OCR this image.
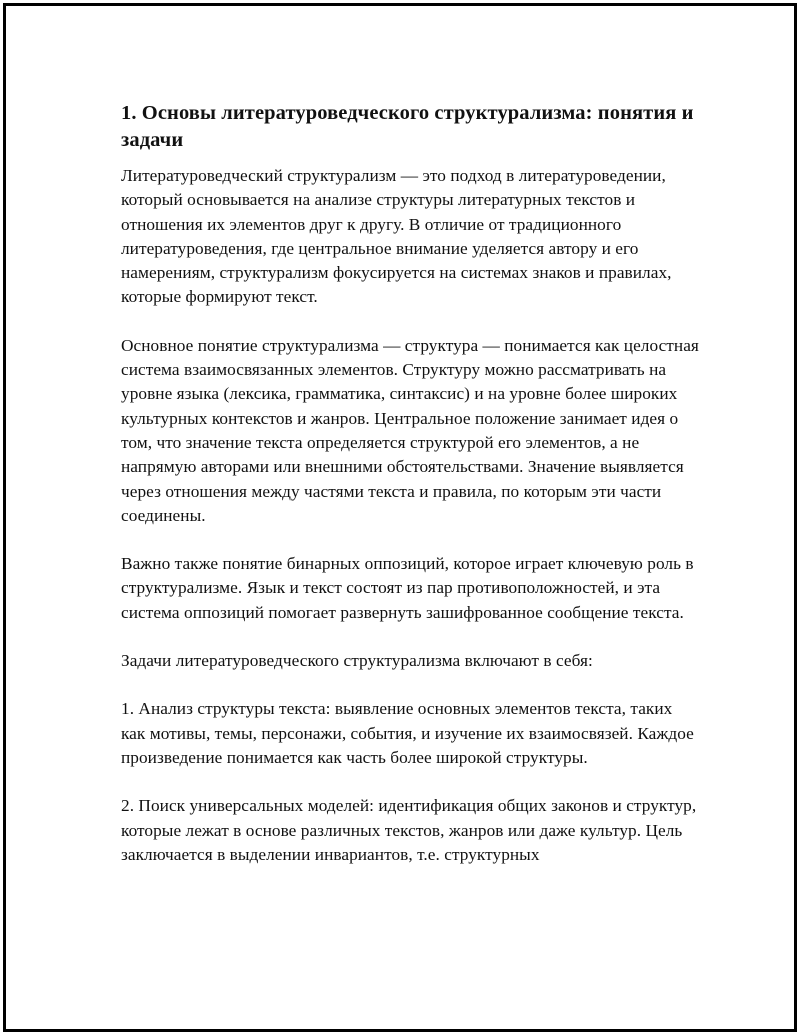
1. Основы литературоведческого структурализма: понятия и задачи

Литературоведческий структурализм — это подход в литературоведении, который основывается на анализе структуры литературных текстов и отношения их элементов друг к другу. В отличие от традиционного литературоведения, где центральное внимание уделяется автору и его намерениям, структурализм фокусируется на системах знаков и правилах, которые формируют текст.

Основное понятие структурализма — структура — понимается как целостная система взаимосвязанных элементов. Структуру можно рассматривать на уровне языка (лексика, грамматика, синтаксис) и на уровне более широких культурных контекстов и жанров. Центральное положение занимает идея о том, что значение текста определяется структурой его элементов, а не напрямую авторами или внешними обстоятельствами. Значение выявляется через отношения между частями текста и правила, по которым эти части соединены.

Важно также понятие бинарных оппозиций, которое играет ключевую роль в структурализме. Язык и текст состоят из пар противоположностей, и эта система оппозиций помогает развернуть зашифрованное сообщение текста.

Задачи литературоведческого структурализма включают в себя:

1. Анализ структуры текста: выявление основных элементов текста, таких как мотивы, темы, персонажи, события, и изучение их взаимосвязей. Каждое произведение понимается как часть более широкой структуры.

2. Поиск универсальных моделей: идентификация общих законов и структур, которые лежат в основе различных текстов, жанров или даже культур. Цель заключается в выделении инвариантов, т.е. структурных
